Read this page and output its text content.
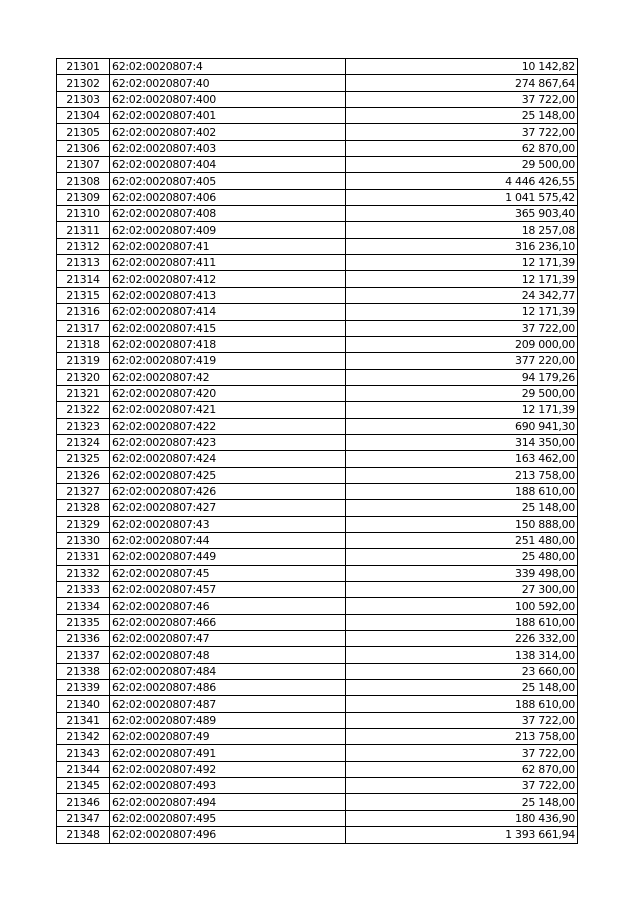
21301	62:02:0020807:4	10 142,82
21302	62:02:0020807:40	274 867,64
21303	62:02:0020807:400	37 722,00
21304	62:02:0020807:401	25 148,00
21305	62:02:0020807:402	37 722,00
21306	62:02:0020807:403	62 870,00
21307	62:02:0020807:404	29 500,00
21308	62:02:0020807:405	4 446 426,55
21309	62:02:0020807:406	1 041 575,42
21310	62:02:0020807:408	365 903,40
21311	62:02:0020807:409	18 257,08
21312	62:02:0020807:41	316 236,10
21313	62:02:0020807:411	12 171,39
21314	62:02:0020807:412	12 171,39
21315	62:02:0020807:413	24 342,77
21316	62:02:0020807:414	12 171,39
21317	62:02:0020807:415	37 722,00
21318	62:02:0020807:418	209 000,00
21319	62:02:0020807:419	377 220,00
21320	62:02:0020807:42	94 179,26
21321	62:02:0020807:420	29 500,00
21322	62:02:0020807:421	12 171,39
21323	62:02:0020807:422	690 941,30
21324	62:02:0020807:423	314 350,00
21325	62:02:0020807:424	163 462,00
21326	62:02:0020807:425	213 758,00
21327	62:02:0020807:426	188 610,00
21328	62:02:0020807:427	25 148,00
21329	62:02:0020807:43	150 888,00
21330	62:02:0020807:44	251 480,00
21331	62:02:0020807:449	25 480,00
21332	62:02:0020807:45	339 498,00
21333	62:02:0020807:457	27 300,00
21334	62:02:0020807:46	100 592,00
21335	62:02:0020807:466	188 610,00
21336	62:02:0020807:47	226 332,00
21337	62:02:0020807:48	138 314,00
21338	62:02:0020807:484	23 660,00
21339	62:02:0020807:486	25 148,00
21340	62:02:0020807:487	188 610,00
21341	62:02:0020807:489	37 722,00
21342	62:02:0020807:49	213 758,00
21343	62:02:0020807:491	37 722,00
21344	62:02:0020807:492	62 870,00
21345	62:02:0020807:493	37 722,00
21346	62:02:0020807:494	25 148,00
21347	62:02:0020807:495	180 436,90
21348	62:02:0020807:496	1 393 661,94
